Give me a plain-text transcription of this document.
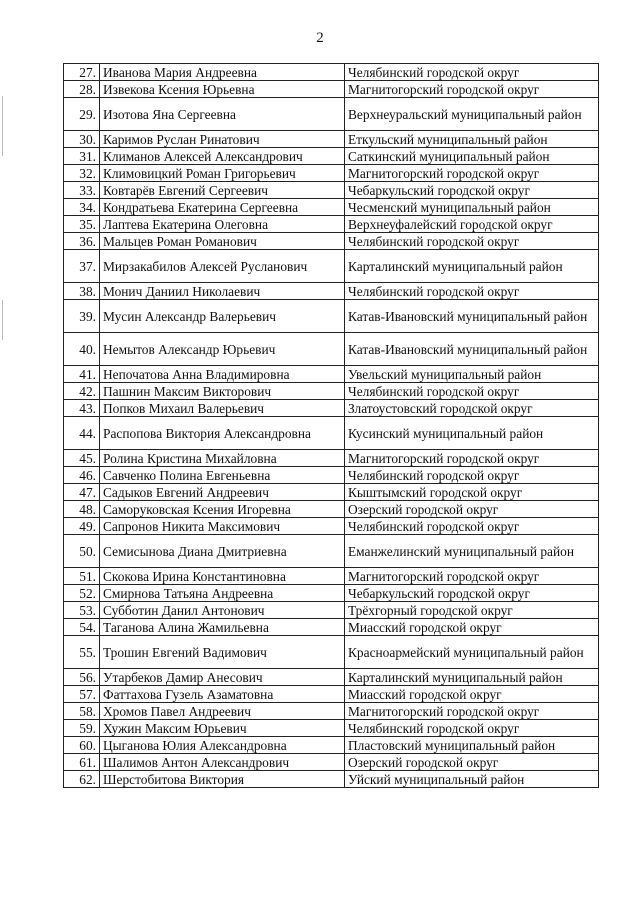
2
27.	Иванова Мария Андреевна	Челябинский городской округ
28.	Извекова Ксения Юрьевна	Магнитогорский городской округ
29.	Изотова Яна Сергеевна	Верхнеуральский муниципальный район
30.	Каримов Руслан Ринатович	Еткульский муниципальный район
31.	Климанов Алексей Александрович	Саткинский муниципальный район
32.	Климовицкий Роман Григорьевич	Магнитогорский городской округ
33.	Ковтарёв Евгений Сергеевич	Чебаркульский городской округ
34.	Кондратьева Екатерина Сергеевна	Чесменский муниципальный район
35.	Лаптева Екатерина Олеговна	Верхнеуфалейский городской округ
36.	Мальцев Роман Романович	Челябинский городской округ
37.	Мирзакабилов Алексей Русланович	Карталинский муниципальный район
38.	Монич Даниил Николаевич	Челябинский городской округ
39.	Мусин Александр Валерьевич	Катав-Ивановский муниципальный район
40.	Немытов Александр Юрьевич	Катав-Ивановский муниципальный район
41.	Непочатова Анна Владимировна	Увельский муниципальный район
42.	Пашнин Максим Викторович	Челябинский городской округ
43.	Попков Михаил Валерьевич	Златоустовский городской округ
44.	Распопова Виктория Александровна	Кусинский муниципальный район
45.	Ролина Кристина Михайловна	Магнитогорский городской округ
46.	Савченко Полина Евгеньевна	Челябинский городской округ
47.	Садыков Евгений Андреевич	Кыштымский городской округ
48.	Саморуковская Ксения Игоревна	Озерский городской округ
49.	Сапронов Никита Максимович	Челябинский городской округ
50.	Семисынова Диана Дмитриевна	Еманжелинский муниципальный район
51.	Скокова Ирина Константиновна	Магнитогорский городской округ
52.	Смирнова Татьяна Андреевна	Чебаркульский городской округ
53.	Субботин Данил Антонович	Трёхгорный городской округ
54.	Таганова Алина Жамильевна	Миасский городской округ
55.	Трошин Евгений Вадимович	Красноармейский муниципальный район
56.	Утарбеков Дамир Анесович	Карталинский муниципальный район
57.	Фаттахова Гузель Азаматовна	Миасский городской округ
58.	Хромов Павел Андреевич	Магнитогорский городской округ
59.	Хужин Максим Юрьевич	Челябинский городской округ
60.	Цыганова Юлия Александровна	Пластовский муниципальный район
61.	Шалимов Антон Александрович	Озерский городской округ
62.	Шерстобитова Виктория	Уйский муниципальный район
